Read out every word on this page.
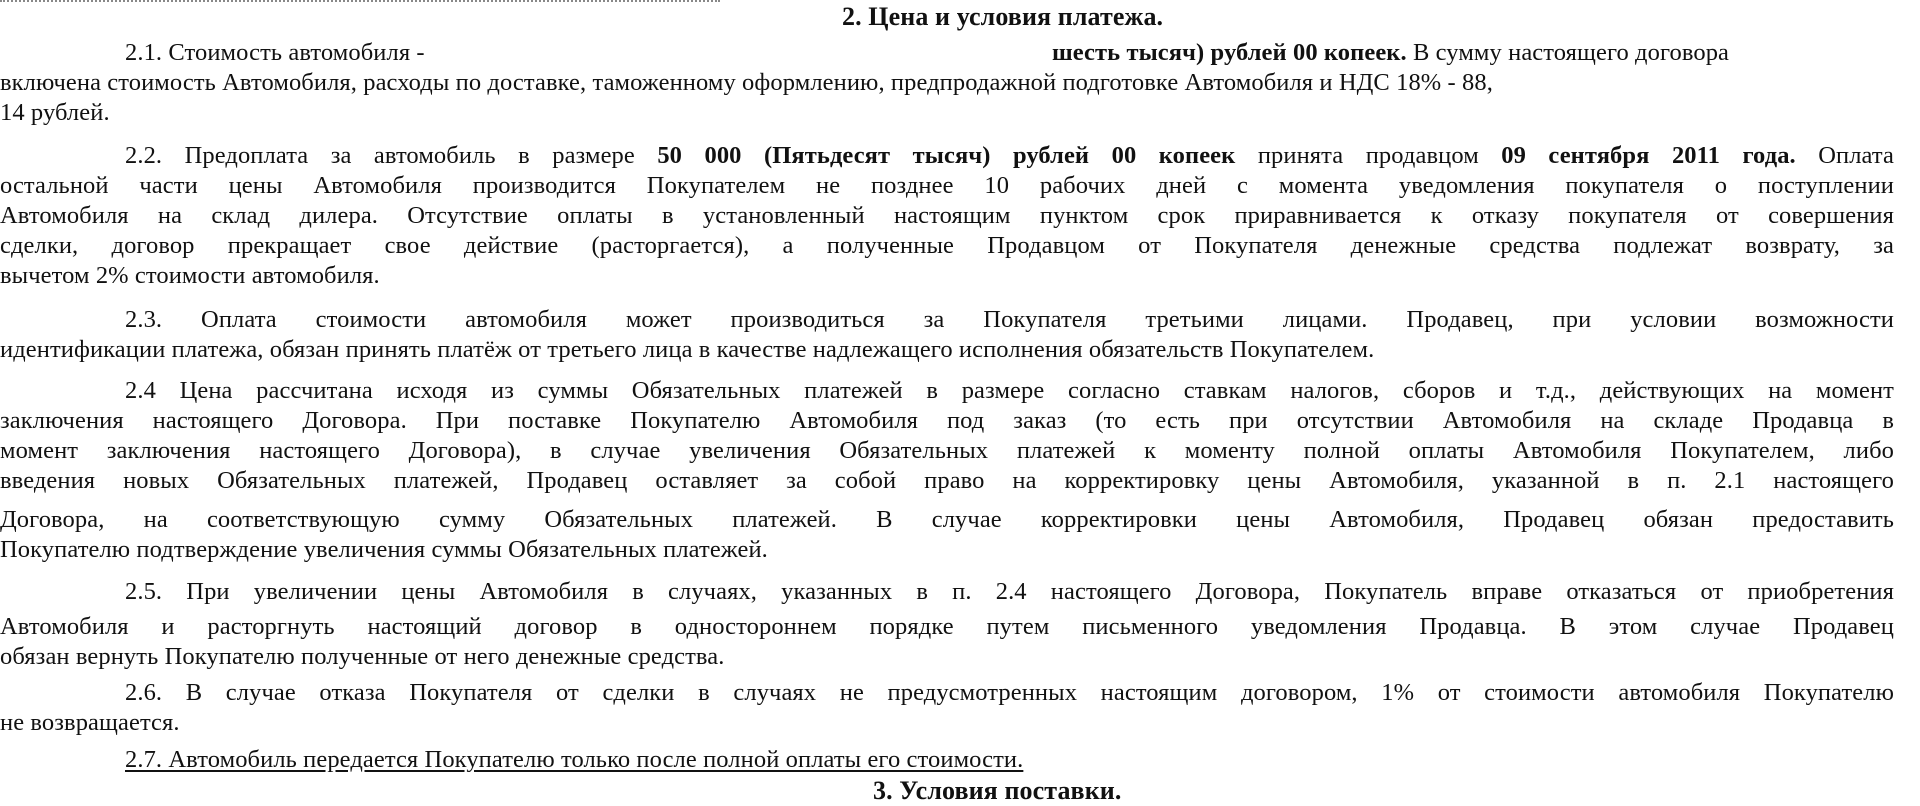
2. Цена и условия платежа.
2.1. Стоимость автомобиля -	шесть тысяч) рублей 00 копеек. В сумму настоящего договора
включена стоимость Автомобиля, расходы по доставке, таможенному оформлению, предпродажной подготовке Автомобиля и НДС 18% - 88,
14 рублей.
2.2. Предоплата за автомобиль в размере 50 000 (Пятьдесят тысяч) рублей 00 копеек принята продавцом 09 сентября 2011 года. Оплата
остальной части цены Автомобиля производится Покупателем не позднее 10 рабочих дней с момента уведомления покупателя о поступлении
Автомобиля на склад дилера. Отсутствие оплаты в установленный настоящим пунктом срок приравнивается к отказу покупателя от совершения
сделки, договор прекращает свое действие (расторгается), а полученные Продавцом от Покупателя денежные средства подлежат возврату, за
вычетом 2% стоимости автомобиля.
2.3. Оплата стоимости автомобиля может производиться за Покупателя третьими лицами. Продавец, при условии возможности
идентификации платежа, обязан принять платёж от третьего лица в качестве надлежащего исполнения обязательств Покупателем.
2.4 Цена рассчитана исходя из суммы Обязательных платежей в размере согласно ставкам налогов, сборов и т.д., действующих на момент
заключения настоящего Договора. При поставке Покупателю Автомобиля под заказ (то есть при отсутствии Автомобиля на складе Продавца в
момент заключения настоящего Договора), в случае увеличения Обязательных платежей к моменту полной оплаты Автомобиля Покупателем, либо
введения новых Обязательных платежей, Продавец оставляет за собой право на корректировку цены Автомобиля, указанной в п. 2.1 настоящего
Договора, на соответствующую сумму Обязательных платежей. В случае корректировки цены Автомобиля, Продавец обязан предоставить
Покупателю подтверждение увеличения суммы Обязательных платежей.
2.5. При увеличении цены Автомобиля в случаях, указанных в п. 2.4 настоящего Договора, Покупатель вправе отказаться от приобретения
Автомобиля и расторгнуть настоящий договор в одностороннем порядке путем письменного уведомления Продавца. В этом случае Продавец
обязан вернуть Покупателю полученные от него денежные средства.
2.6. В случае отказа Покупателя от сделки в случаях не предусмотренных настоящим договором, 1% от стоимости автомобиля Покупателю
не возвращается.
2.7. Автомобиль передается Покупателю только после полной оплаты его стоимости.
3. Условия поставки.
